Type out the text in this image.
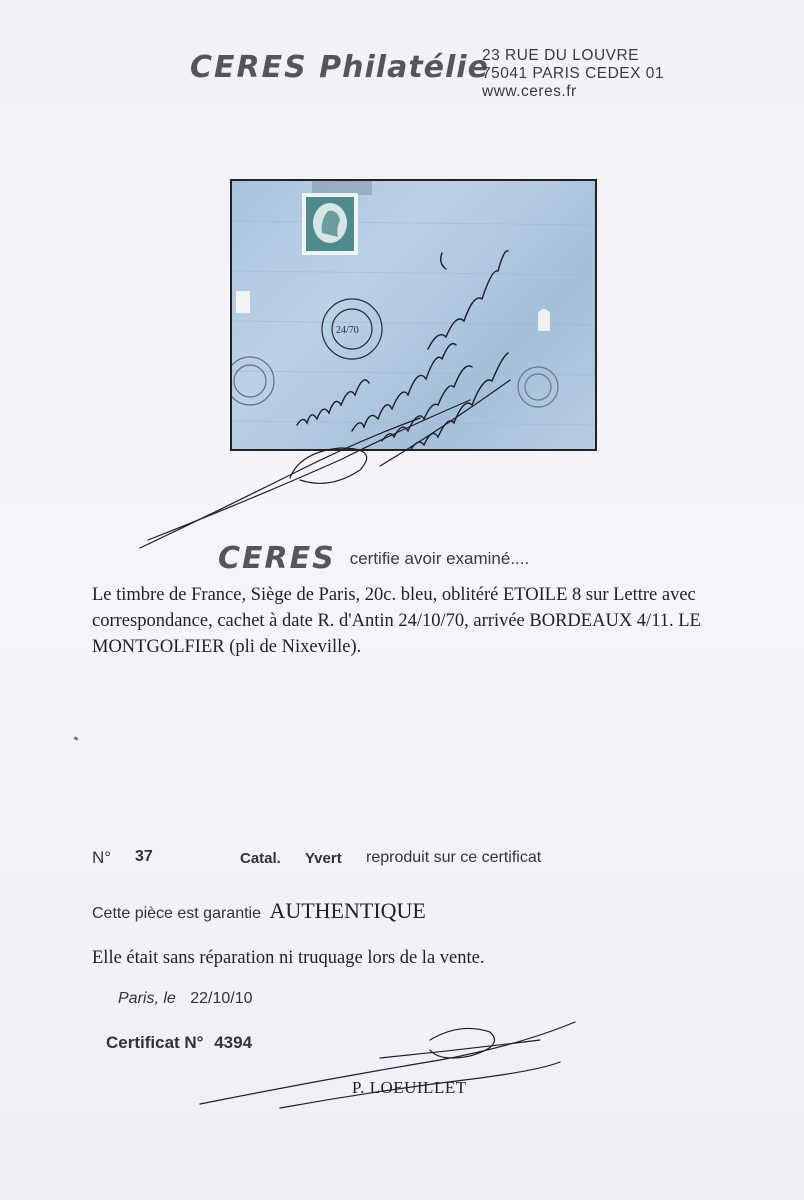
CERES Philatélie
23 RUE DU LOUVRE
75041 PARIS CEDEX 01
www.ceres.fr
24/70
CERES certifie avoir examiné....
Le timbre de France, Siège de Paris, 20c. bleu, oblitéré ETOILE 8 sur Lettre avec correspondance, cachet à date R. d'Antin 24/10/70, arrivée BORDEAUX 4/11. LE MONTGOLFIER (pli de Nixeville).
N° 37	Catal. Yvert reproduit sur ce certificat
Cette pièce est garantie AUTHENTIQUE
Elle était sans réparation ni truquage lors de la vente.
Paris, le 22/10/10
Certificat N° 4394
P. LOEUILLET
